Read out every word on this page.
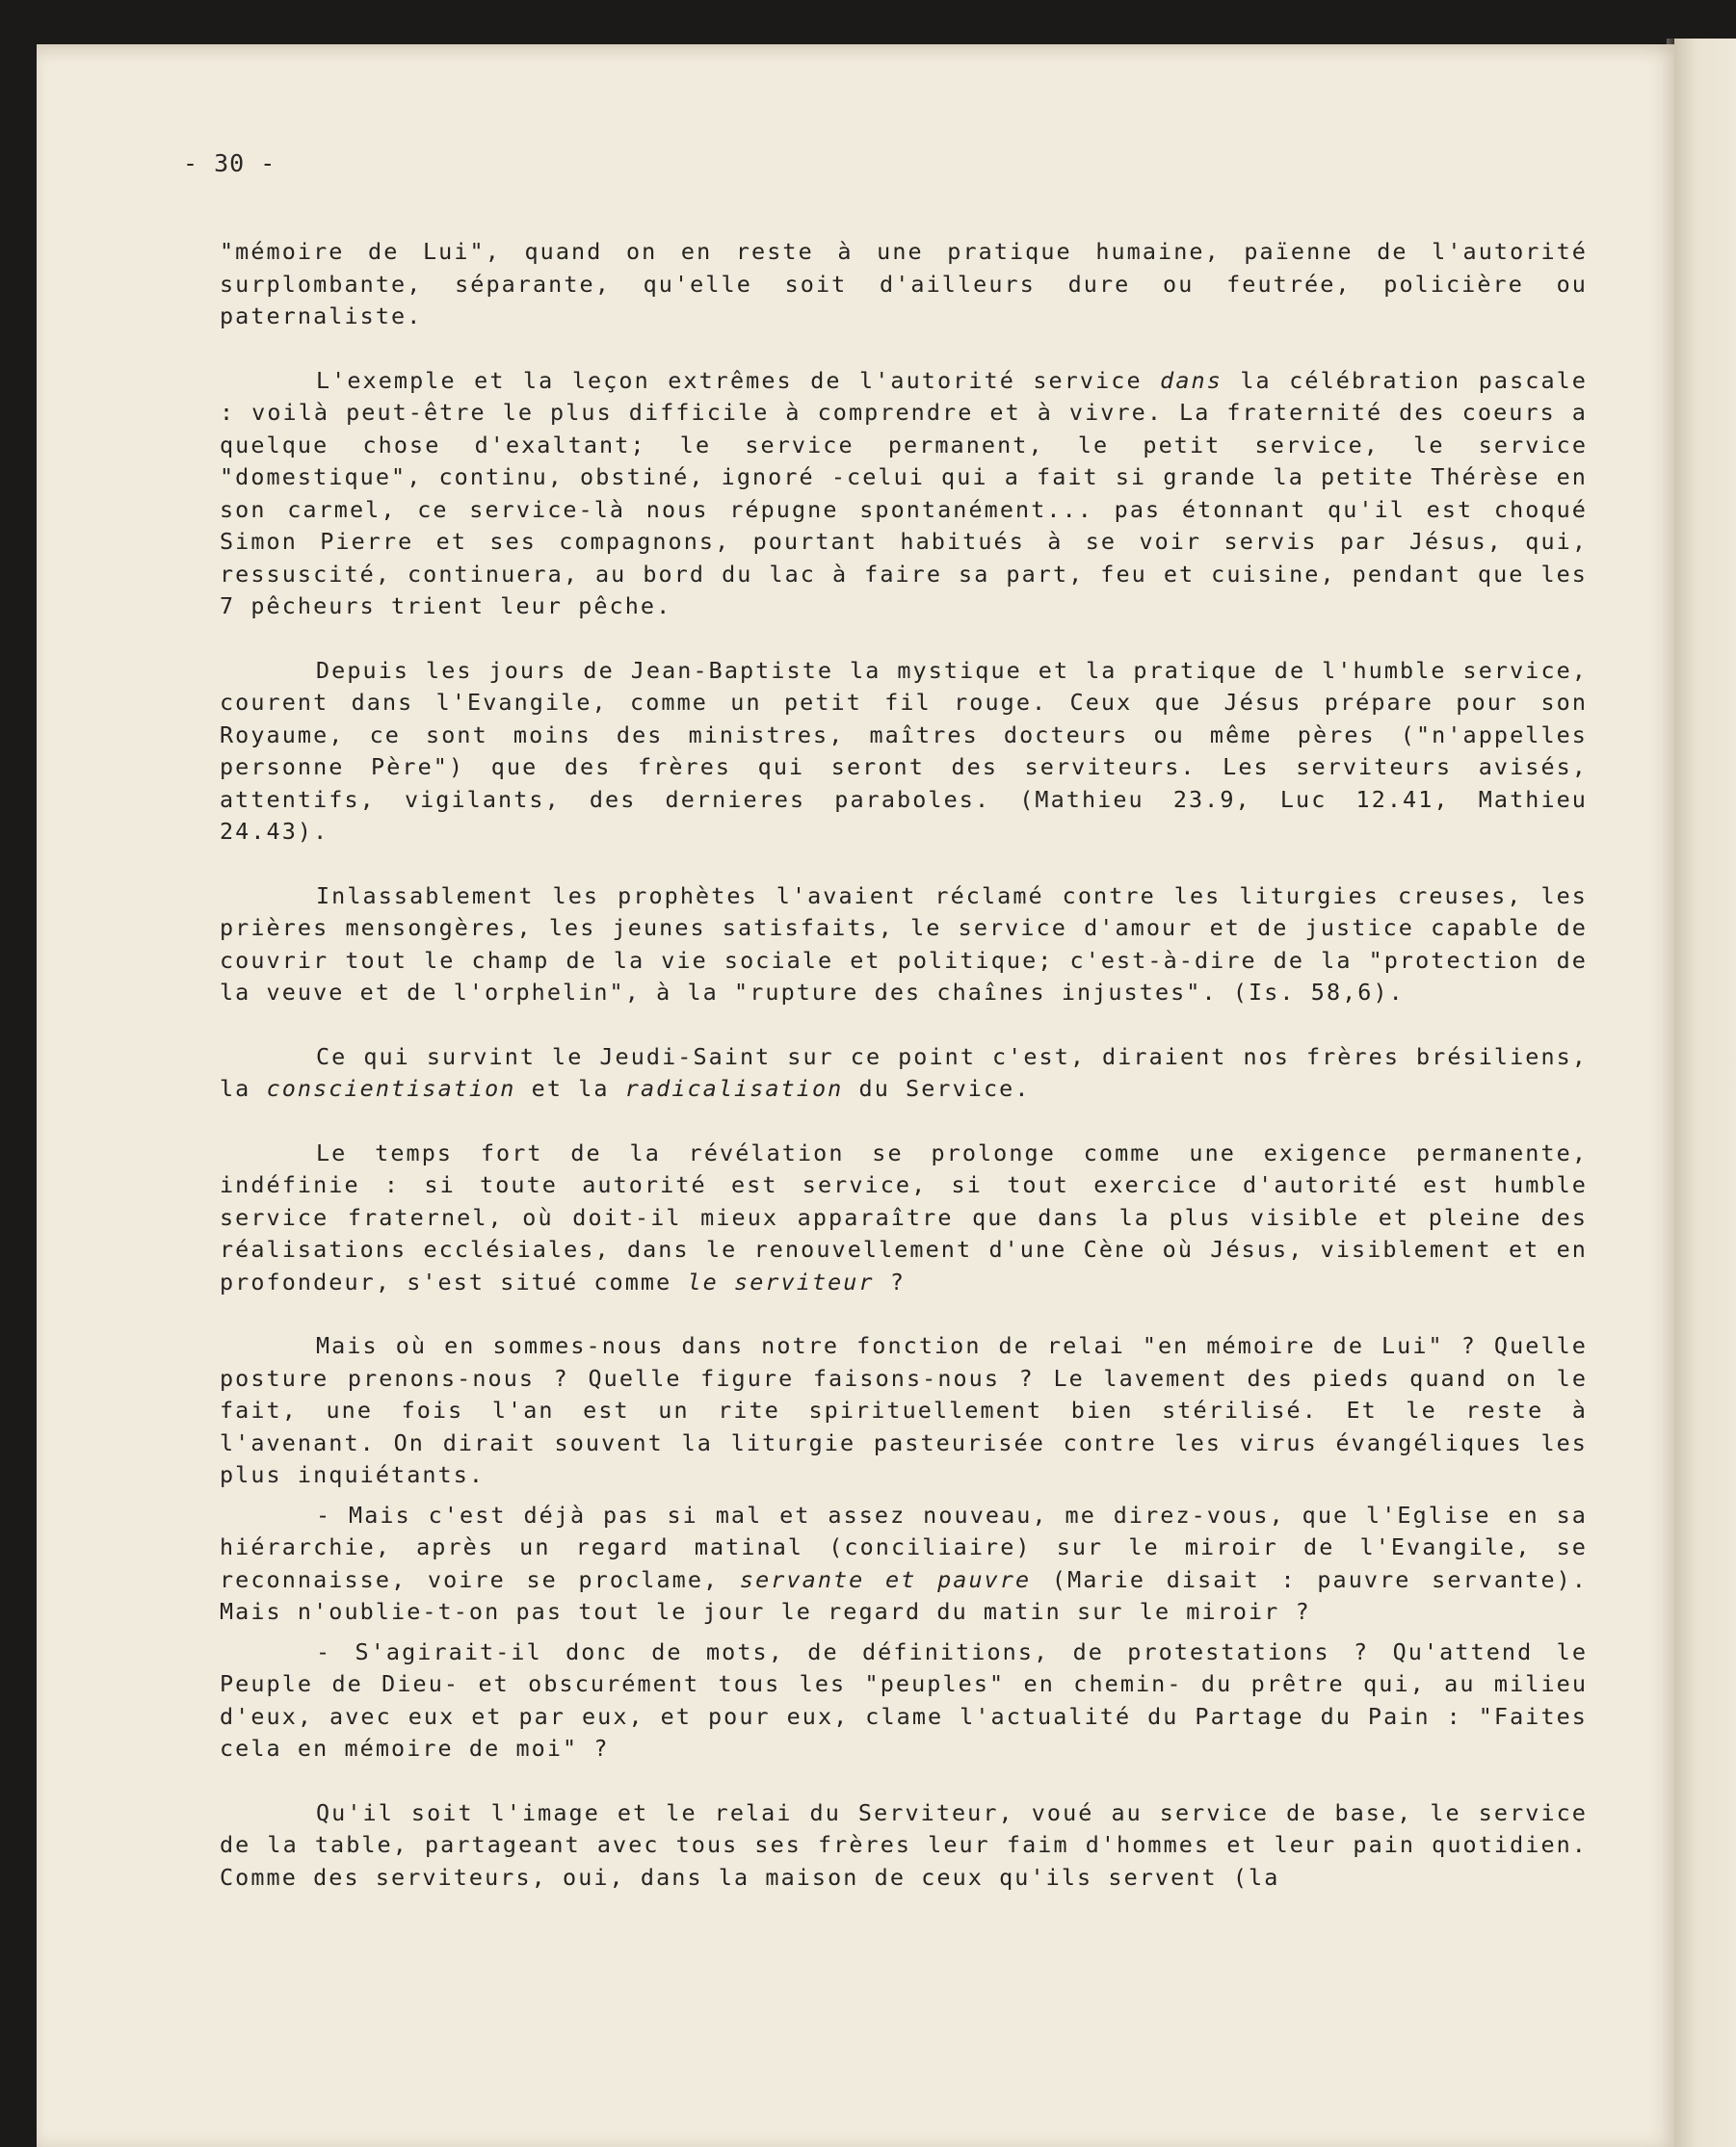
- 30 -

"mémoire de Lui", quand on en reste à une pratique humaine, païenne de l'autorité surplombante, séparante, qu'elle soit d'ailleurs dure ou feutrée, policière ou paternaliste.

L'exemple et la leçon extrêmes de l'autorité service dans la célébration pascale : voilà peut-être le plus difficile à comprendre et à vivre. La fraternité des coeurs a quelque chose d'exaltant; le service permanent, le petit service, le service "domestique", continu, obstiné, ignoré -celui qui a fait si grande la petite Thérèse en son carmel, ce service-là nous répugne spontanément... pas étonnant qu'il est choqué Simon Pierre et ses compagnons, pourtant habitués à se voir servis par Jésus, qui, ressuscité, continuera, au bord du lac à faire sa part, feu et cuisine, pendant que les 7 pêcheurs trient leur pêche.

Depuis les jours de Jean-Baptiste la mystique et la pratique de l'humble service, courent dans l'Evangile, comme un petit fil rouge. Ceux que Jésus prépare pour son Royaume, ce sont moins des ministres, maîtres docteurs ou même pères ("n'appelles personne Père") que des frères qui seront des serviteurs. Les serviteurs avisés, attentifs, vigilants, des dernieres paraboles. (Mathieu 23.9, Luc 12.41, Mathieu 24.43).

Inlassablement les prophètes l'avaient réclamé contre les liturgies creuses, les prières mensongères, les jeunes satisfaits, le service d'amour et de justice capable de couvrir tout le champ de la vie sociale et politique; c'est-à-dire de la "protection de la veuve et de l'orphelin", à la "rupture des chaînes injustes". (Is. 58,6).

Ce qui survint le Jeudi-Saint sur ce point c'est, diraient nos frères brésiliens, la conscientisation et la radicalisation du Service.

Le temps fort de la révélation se prolonge comme une exigence permanente, indéfinie : si toute autorité est service, si tout exercice d'autorité est humble service fraternel, où doit-il mieux apparaître que dans la plus visible et pleine des réalisations ecclésiales, dans le renouvellement d'une Cène où Jésus, visiblement et en profondeur, s'est situé comme le serviteur ?

Mais où en sommes-nous dans notre fonction de relai "en mémoire de Lui" ? Quelle posture prenons-nous ? Quelle figure faisons-nous ? Le lavement des pieds quand on le fait, une fois l'an est un rite spirituellement bien stérilisé. Et le reste à l'avenant. On dirait souvent la liturgie pasteurisée contre les virus évangéliques les plus inquiétants.

- Mais c'est déjà pas si mal et assez nouveau, me direz-vous, que l'Eglise en sa hiérarchie, après un regard matinal (conciliaire) sur le miroir de l'Evangile, se reconnaisse, voire se proclame, servante et pauvre (Marie disait : pauvre servante). Mais n'oublie-t-on pas tout le jour le regard du matin sur le miroir ?

- S'agirait-il donc de mots, de définitions, de protestations ? Qu'attend le Peuple de Dieu- et obscurément tous les "peuples" en chemin- du prêtre qui, au milieu d'eux, avec eux et par eux, et pour eux, clame l'actualité du Partage du Pain : "Faites cela en mémoire de moi" ?

Qu'il soit l'image et le relai du Serviteur, voué au service de base, le service de la table, partageant avec tous ses frères leur faim d'hommes et leur pain quotidien. Comme des serviteurs, oui, dans la maison de ceux qu'ils servent (la
